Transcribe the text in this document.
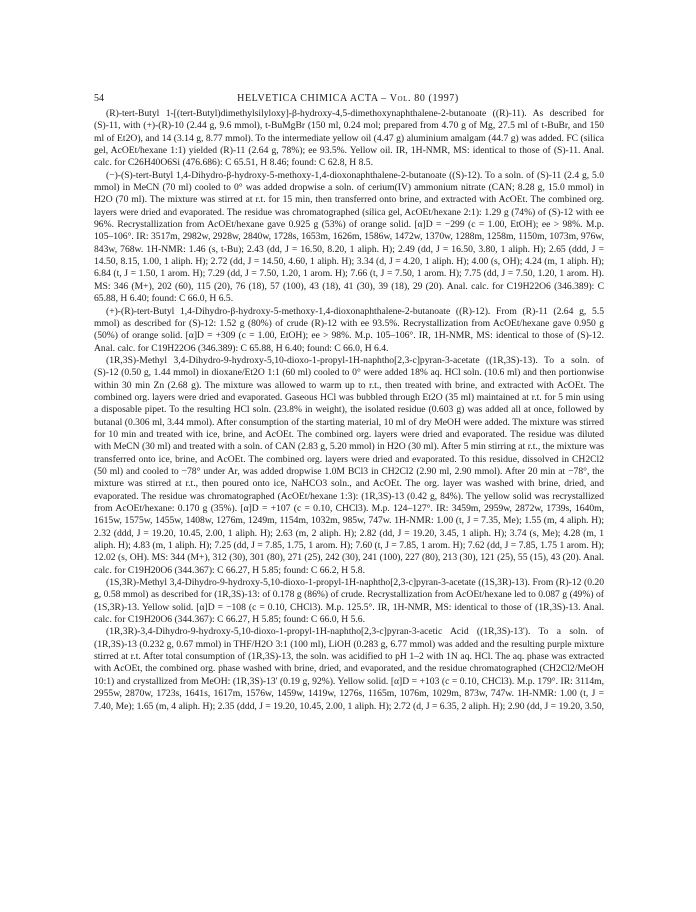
54	HELVETICA CHIMICA ACTA – Vol. 80 (1997)

(R)-tert-Butyl 1-[(tert-Butyl)dimethylsilyloxy]-β-hydroxy-4,5-dimethoxynaphthalene-2-butanoate ((R)-11). As described for (S)-11, with (+)-(R)-10 (2.44 g, 9.6 mmol), t-BuMgBr (150 ml, 0.24 mol; prepared from 4.70 g of Mg, 27.5 ml of t-BuBr, and 150 ml of Et2O), and 14 (3.14 g, 8.77 mmol). To the intermediate yellow oil (4.47 g) aluminium amalgam (44.7 g) was added. FC (silica gel, AcOEt/hexane 1:1) yielded (R)-11 (2.64 g, 78%); ee 93.5%. Yellow oil. IR, 1H-NMR, MS: identical to those of (S)-11. Anal. calc. for C26H40O6Si (476.686): C 65.51, H 8.46; found: C 62.8, H 8.5.

(−)-(S)-tert-Butyl 1,4-Dihydro-β-hydroxy-5-methoxy-1,4-dioxonaphthalene-2-butanoate ((S)-12). To a soln. of (S)-11 (2.4 g, 5.0 mmol) in MeCN (70 ml) cooled to 0° was added dropwise a soln. of cerium(IV) ammonium nitrate (CAN; 8.28 g, 15.0 mmol) in H2O (70 ml). The mixture was stirred at r.t. for 15 min, then transferred onto brine, and extracted with AcOEt. The combined org. layers were dried and evaporated. The residue was chromatographed (silica gel, AcOEt/hexane 2:1): 1.29 g (74%) of (S)-12 with ee 96%. Recrystallization from AcOEt/hexane gave 0.925 g (53%) of orange solid. [α]D = −299 (c = 1.00, EtOH); ee > 98%. M.p. 105–106°. IR: 3517m, 2982w, 2928w, 2840w, 1728s, 1653m, 1626m, 1586w, 1472w, 1370w, 1288m, 1258m, 1150m, 1073m, 976w, 843w, 768w. 1H-NMR: 1.46 (s, t-Bu); 2.43 (dd, J = 16.50, 8.20, 1 aliph. H); 2.49 (dd, J = 16.50, 3.80, 1 aliph. H); 2.65 (ddd, J = 14.50, 8.15, 1.00, 1 aliph. H); 2.72 (dd, J = 14.50, 4.60, 1 aliph. H); 3.34 (d, J = 4.20, 1 aliph. H); 4.00 (s, OH); 4.24 (m, 1 aliph. H); 6.84 (t, J = 1.50, 1 arom. H); 7.29 (dd, J = 7.50, 1.20, 1 arom. H); 7.66 (t, J = 7.50, 1 arom. H); 7.75 (dd, J = 7.50, 1.20, 1 arom. H). MS: 346 (M+), 202 (60), 115 (20), 76 (18), 57 (100), 43 (18), 41 (30), 39 (18), 29 (20). Anal. calc. for C19H22O6 (346.389): C 65.88, H 6.40; found: C 66.0, H 6.5.

(+)-(R)-tert-Butyl 1,4-Dihydro-β-hydroxy-5-methoxy-1,4-dioxonaphthalene-2-butanoate ((R)-12). From (R)-11 (2.64 g, 5.5 mmol) as described for (S)-12: 1.52 g (80%) of crude (R)-12 with ee 93.5%. Recrystallization from AcOEt/hexane gave 0.950 g (50%) of orange solid. [α]D = +309 (c = 1.00, EtOH); ee > 98%. M.p. 105–106°. IR, 1H-NMR, MS: identical to those of (S)-12. Anal. calc. for C19H22O6 (346.389): C 65.88, H 6.40; found: C 66.0, H 6.4.

(1R,3S)-Methyl 3,4-Dihydro-9-hydroxy-5,10-dioxo-1-propyl-1H-naphtho[2,3-c]pyran-3-acetate ((1R,3S)-13). To a soln. of (S)-12 (0.50 g, 1.44 mmol) in dioxane/Et2O 1:1 (60 ml) cooled to 0° were added 18% aq. HCl soln. (10.6 ml) and then portionwise within 30 min Zn (2.68 g). The mixture was allowed to warm up to r.t., then treated with brine, and extracted with AcOEt. The combined org. layers were dried and evaporated. Gaseous HCl was bubbled through Et2O (35 ml) maintained at r.t. for 5 min using a disposable pipet. To the resulting HCl soln. (23.8% in weight), the isolated residue (0.603 g) was added all at once, followed by butanal (0.306 ml, 3.44 mmol). After consumption of the starting material, 10 ml of dry MeOH were added. The mixture was stirred for 10 min and treated with ice, brine, and AcOEt. The combined org. layers were dried and evaporated. The residue was diluted with MeCN (30 ml) and treated with a soln. of CAN (2.83 g, 5.20 mmol) in H2O (30 ml). After 5 min stirring at r.t., the mixture was transferred onto ice, brine, and AcOEt. The combined org. layers were dried and evaporated. To this residue, dissolved in CH2Cl2 (50 ml) and cooled to −78° under Ar, was added dropwise 1.0M BCl3 in CH2Cl2 (2.90 ml, 2.90 mmol). After 20 min at −78°, the mixture was stirred at r.t., then poured onto ice, NaHCO3 soln., and AcOEt. The org. layer was washed with brine, dried, and evaporated. The residue was chromatographed (AcOEt/hexane 1:3): (1R,3S)-13 (0.42 g, 84%). The yellow solid was recrystallized from AcOEt/hexane: 0.170 g (35%). [α]D = +107 (c = 0.10, CHCl3). M.p. 124–127°. IR: 3459m, 2959w, 2872w, 1739s, 1640m, 1615w, 1575w, 1455w, 1408w, 1276m, 1249m, 1154m, 1032m, 985w, 747w. 1H-NMR: 1.00 (t, J = 7.35, Me); 1.55 (m, 4 aliph. H); 2.32 (ddd, J = 19.20, 10.45, 2.00, 1 aliph. H); 2.63 (m, 2 aliph. H); 2.82 (dd, J = 19.20, 3.45, 1 aliph. H); 3.74 (s, Me); 4.28 (m, 1 aliph. H); 4.83 (m, 1 aliph. H); 7.25 (dd, J = 7.85, 1.75, 1 arom. H); 7.60 (t, J = 7.85, 1 arom. H); 7.62 (dd, J = 7.85, 1.75 1 arom. H); 12.02 (s, OH). MS: 344 (M+), 312 (30), 301 (80), 271 (25), 242 (30), 241 (100), 227 (80), 213 (30), 121 (25), 55 (15), 43 (20). Anal. calc. for C19H20O6 (344.367): C 66.27, H 5.85; found: C 66.2, H 5.8.

(1S,3R)-Methyl 3,4-Dihydro-9-hydroxy-5,10-dioxo-1-propyl-1H-naphtho[2,3-c]pyran-3-acetate ((1S,3R)-13). From (R)-12 (0.20 g, 0.58 mmol) as described for (1R,3S)-13: of 0.178 g (86%) of crude. Recrystallization from AcOEt/hexane led to 0.087 g (49%) of (1S,3R)-13. Yellow solid. [α]D = −108 (c = 0.10, CHCl3). M.p. 125.5°. IR, 1H-NMR, MS: identical to those of (1R,3S)-13. Anal. calc. for C19H20O6 (344.367): C 66.27, H 5.85; found: C 66.0, H 5.6.

(1R,3R)-3,4-Dihydro-9-hydroxy-5,10-dioxo-1-propyl-1H-naphtho[2,3-c]pyran-3-acetic Acid ((1R,3S)-13'). To a soln. of (1R,3S)-13 (0.232 g, 0.67 mmol) in THF/H2O 3:1 (100 ml), LiOH (0.283 g, 6.77 mmol) was added and the resulting purple mixture stirred at r.t. After total consumption of (1R,3S)-13, the soln. was acidified to pH 1–2 with 1N aq. HCl. The aq. phase was extracted with AcOEt, the combined org. phase washed with brine, dried, and evaporated, and the residue chromatographed (CH2Cl2/MeOH 10:1) and crystallized from MeOH: (1R,3S)-13' (0.19 g, 92%). Yellow solid. [α]D = +103 (c = 0.10, CHCl3). M.p. 179°. IR: 3114m, 2955w, 2870w, 1723s, 1641s, 1617m, 1576w, 1459w, 1419w, 1276s, 1165m, 1076m, 1029m, 873w, 747w. 1H-NMR: 1.00 (t, J = 7.40, Me); 1.65 (m, 4 aliph. H); 2.35 (ddd, J = 19.20, 10.45, 2.00, 1 aliph. H); 2.72 (d, J = 6.35, 2 aliph. H); 2.90 (dd, J = 19.20, 3.50,
